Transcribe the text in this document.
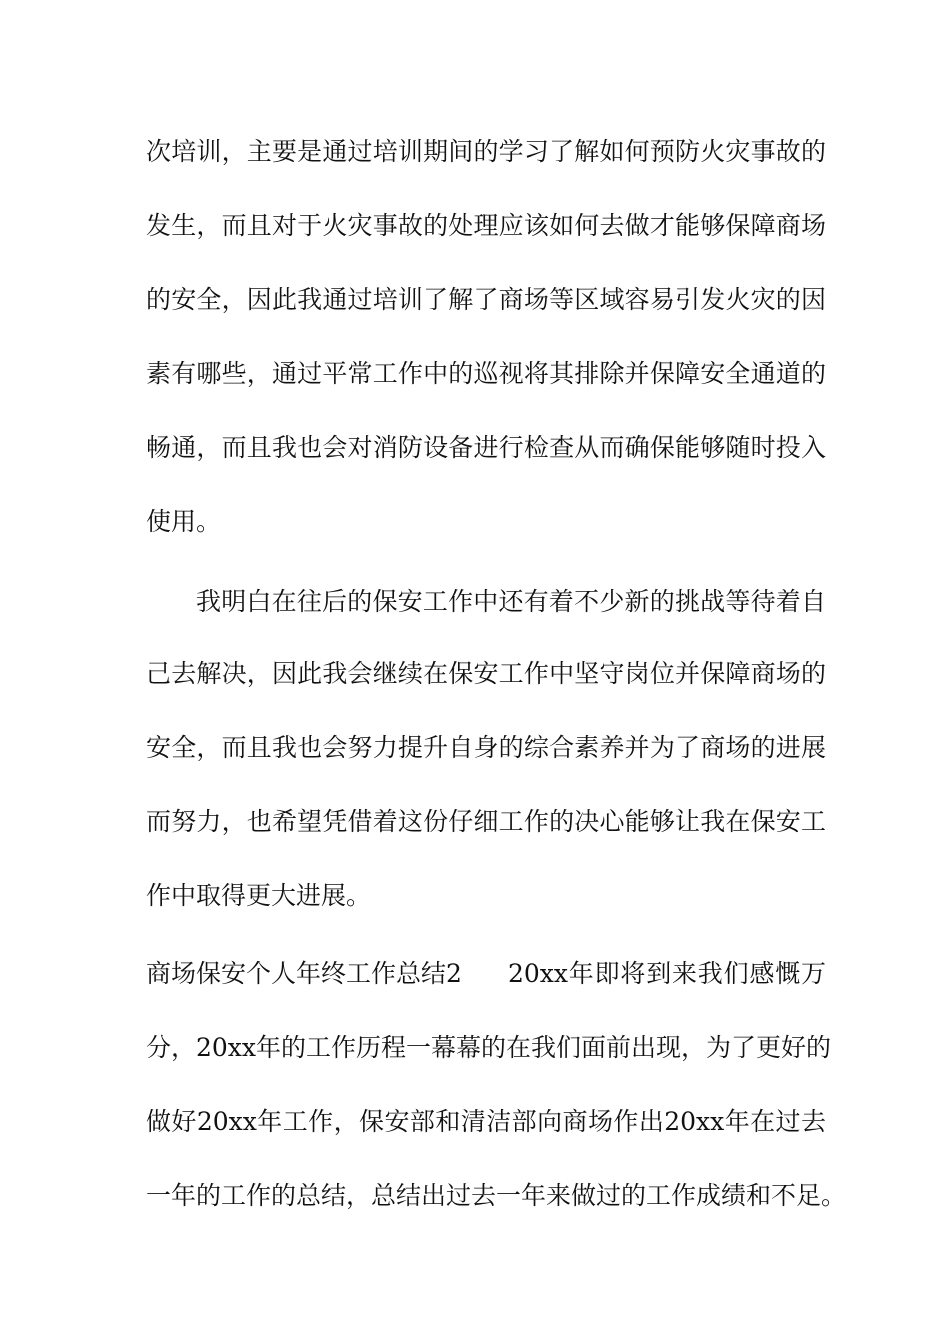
次培训，主要是通过培训期间的学习了解如何预防火灾事故的
发生，而且对于火灾事故的处理应该如何去做才能够保障商场
的安全，因此我通过培训了解了商场等区域容易引发火灾的因
素有哪些，通过平常工作中的巡视将其排除并保障安全通道的
畅通，而且我也会对消防设备进行检查从而确保能够随时投入
使用。
我明白在往后的保安工作中还有着不少新的挑战等待着自
己去解决，因此我会继续在保安工作中坚守岗位并保障商场的
安全，而且我也会努力提升自身的综合素养并为了商场的进展
而努力，也希望凭借着这份仔细工作的决心能够让我在保安工
作中取得更大进展。
商场保安个人年终工作总结2 20xx年即将到来我们感慨万
分，20xx年的工作历程一幕幕的在我们面前出现，为了更好的
做好20xx年工作，保安部和清洁部向商场作出20xx年在过去
一年的工作的总结，总结出过去一年来做过的工作成绩和不足。
